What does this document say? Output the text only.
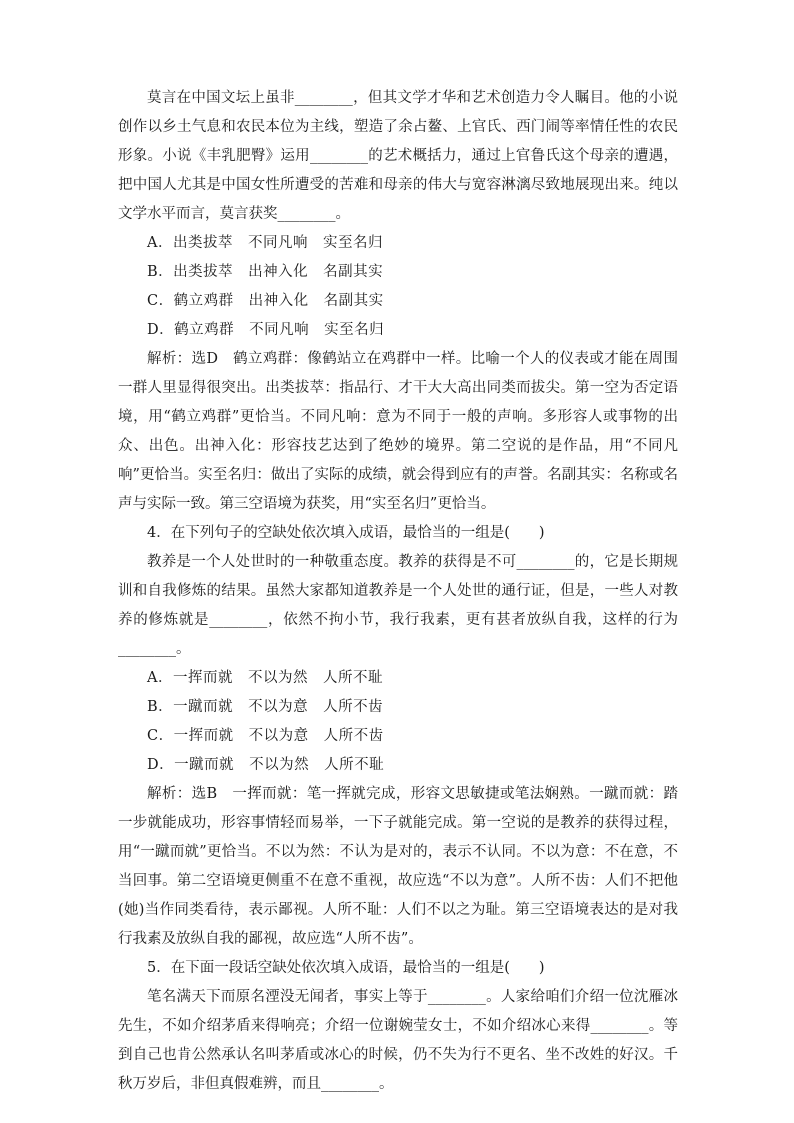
莫言在中国文坛上虽非________，但其文学才华和艺术创造力令人瞩目。他的小说创作以乡土气息和农民本位为主线，塑造了余占鳌、上官氏、西门闹等率情任性的农民形象。小说《丰乳肥臀》运用________的艺术概括力，通过上官鲁氏这个母亲的遭遇，把中国人尤其是中国女性所遭受的苦难和母亲的伟大与宽容淋漓尽致地展现出来。纯以文学水平而言，莫言获奖________。

A．出类拔萃　不同凡响　实至名归

B．出类拔萃　出神入化　名副其实

C．鹤立鸡群　出神入化　名副其实

D．鹤立鸡群　不同凡响　实至名归

解析：选D　鹤立鸡群：像鹤站立在鸡群中一样。比喻一个人的仪表或才能在周围一群人里显得很突出。出类拔萃：指品行、才干大大高出同类而拔尖。第一空为否定语境，用“鹤立鸡群”更恰当。不同凡响：意为不同于一般的声响。多形容人或事物的出众、出色。出神入化：形容技艺达到了绝妙的境界。第二空说的是作品，用“不同凡响”更恰当。实至名归：做出了实际的成绩，就会得到应有的声誉。名副其实：名称或名声与实际一致。第三空语境为获奖，用“实至名归”更恰当。

4．在下列句子的空缺处依次填入成语，最恰当的一组是(　　)

教养是一个人处世时的一种敬重态度。教养的获得是不可________的，它是长期规训和自我修炼的结果。虽然大家都知道教养是一个人处世的通行证，但是，一些人对教养的修炼就是________，依然不拘小节，我行我素，更有甚者放纵自我，这样的行为________。

A．一挥而就　不以为然　人所不耻

B．一蹴而就　不以为意　人所不齿

C．一挥而就　不以为意　人所不齿

D．一蹴而就　不以为然　人所不耻

解析：选B　一挥而就：笔一挥就完成，形容文思敏捷或笔法娴熟。一蹴而就：踏一步就能成功，形容事情轻而易举，一下子就能完成。第一空说的是教养的获得过程，用“一蹴而就”更恰当。不以为然：不认为是对的，表示不认同。不以为意：不在意，不当回事。第二空语境更侧重不在意不重视，故应选“不以为意”。人所不齿：人们不把他(她)当作同类看待，表示鄙视。人所不耻：人们不以之为耻。第三空语境表达的是对我行我素及放纵自我的鄙视，故应选“人所不齿”。

5．在下面一段话空缺处依次填入成语，最恰当的一组是(　　)

笔名满天下而原名湮没无闻者，事实上等于________。人家给咱们介绍一位沈雁冰先生，不如介绍茅盾来得响亮；介绍一位谢婉莹女士，不如介绍冰心来得________。等到自己也肯公然承认名叫茅盾或冰心的时候，仍不失为行不更名、坐不改姓的好汉。千秋万岁后，非但真假难辨，而且________。
